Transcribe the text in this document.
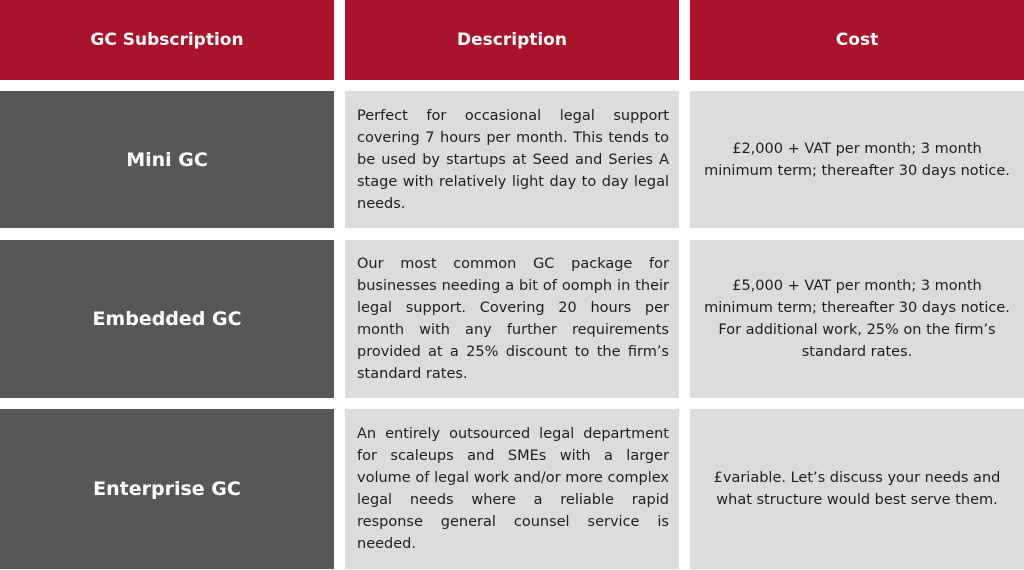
GC Subscription	Description	Cost
Mini GC
Perfect for occasional legal support covering 7 hours per month. This tends to be used by startups at Seed and Series A stage with relatively light day to day legal needs.
£2,000 + VAT per month; 3 month minimum term; thereafter 30 days notice.
Embedded GC
Our most common GC package for businesses needing a bit of oomph in their legal support. Covering 20 hours per month with any further requirements provided at a 25% discount to the firm’s standard rates.
£5,000 + VAT per month; 3 month minimum term; thereafter 30 days notice. For additional work, 25% on the firm’s standard rates.
Enterprise GC
An entirely outsourced legal department for scaleups and SMEs with a larger volume of legal work and/or more complex legal needs where a reliable rapid response general counsel service is needed.
£variable. Let’s discuss your needs and what structure would best serve them.
